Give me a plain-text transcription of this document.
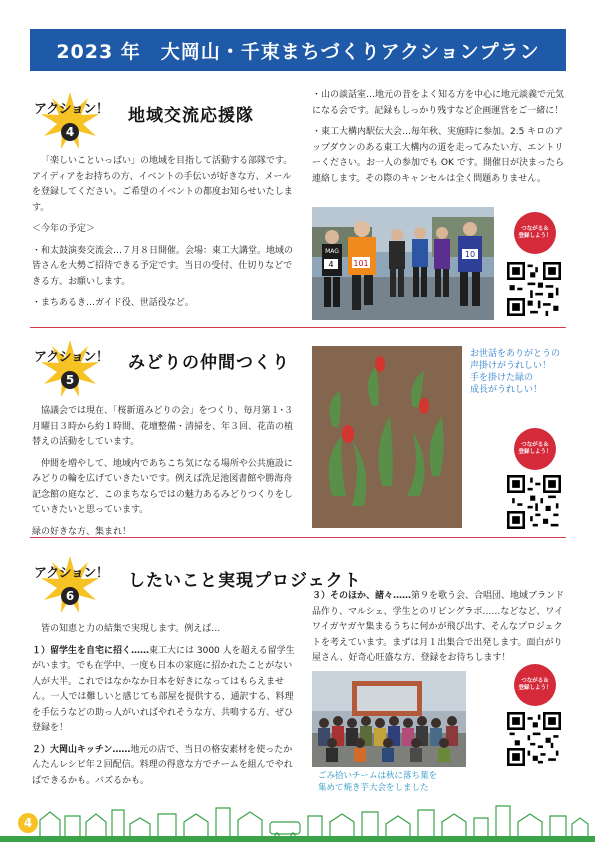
2023 年　大岡山・千束まちづくりアクションプラン
アクション！
4
地域交流応援隊

「楽しいこといっぱい」の地域を目指して活動する部隊です。アイディアをお持ちの方、イベントの手伝いが好きな方、メールを登録してください。ご希望のイベントの都度お知らせいたします。

＜今年の予定＞

・和太鼓演奏交流会…７月８日開催。会場：東工大講堂。地域の皆さんを大勢ご招待できる予定です。当日の受付、仕切りなどできる方、お願いします。

・まちあるき…ガイド役、世話役など。

・山の談話室…地元の昔をよく知る方を中心に地元談義で元気になる会です。記録もしっかり残すなど企画運営をご一緒に！

・東工大構内駅伝大会…毎年秋、実施時に参加。2.5 キロのアップダウンのある東工大構内の道を走ってみたい方、エントリーください。お一人の参加でも OK です。開催日が決まったら連絡します。その際のキャンセルは全く問題ありません。

4
MAG
101
10
つながる＆
登録しよう！
アクション！
5
みどりの仲間つくり

協議会では現在、「桜新道みどりの会」をつくり、毎月第１･３月曜日３時から約１時間、花壇整備・清掃を、年３回、花苗の植替えの活動をしています。

仲間を増やして、地域内であちこち気になる場所や公共施設にみどりの輪を広げていきたいです。例えば洗足池図書館や勝海舟記念館の庭など、このまちならではの魅力あるみどりつくりをしていきたいと思っています。

緑の好きな方、集まれ！

お世話をありがとうの
声掛けがうれしい！
手を掛けた緑の
成長がうれしい！
つながる＆
登録しよう！
アクション！
6
したいこと実現プロジェクト

皆の知恵と力の結集で実現します。例えば…

１）留学生を自宅に招く……東工大には 3000 人を超える留学生がいます。でも在学中、一度も日本の家庭に招かれたことがない人が大半。これではなかなか日本を好きになってはもらえません。一人では難しいと感じても部屋を提供する、通訳する、料理を手伝うなどの助っ人がいればやれそうな方、共鳴する方、ぜひ登録を！

２）大岡山キッチン……地元の店で、当日の格安素材を使ったかんたんレシピ年２回配信。料理の得意な方でチームを組んでやればできるかも。バズるかも。

３）そのほか、諸々……第９を歌う会、合唱団、地域ブランド品作り、マルシェ、学生とのリビングラボ……などなど、ワイワイガヤガヤ集まるうちに何かが飛び出す、そんなプロジェクトを考えています。まずは月１出集合で出発します。面白がり屋さん、好奇心旺盛な方、登録をお待ちします！

ごみ拾いチームは秋に落ち葉を
集めて焼き芋大会をしました
つながる＆
登録しよう！
4
